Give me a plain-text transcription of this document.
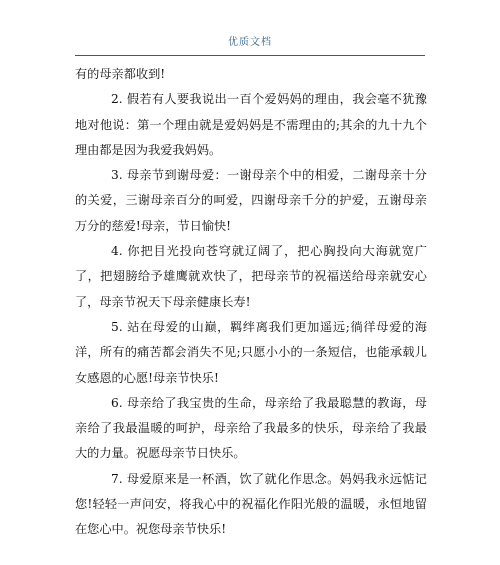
优质文档

有的母亲都收到!

2. 假若有人要我说出一百个爱妈妈的理由，我会毫不犹豫地对他说：第一个理由就是爱妈妈是不需理由的;其余的九十九个理由都是因为我爱我妈妈。

3. 母亲节到谢母爱：一谢母亲个中的相爱，二谢母亲十分的关爱，三谢母亲百分的呵爱，四谢母亲千分的护爱，五谢母亲万分的慈爱!母亲，节日愉快!

4. 你把目光投向苍穹就辽阔了，把心胸投向大海就宽广了，把翅膀给予雄鹰就欢快了，把母亲节的祝福送给母亲就安心了，母亲节祝天下母亲健康长寿!

5. 站在母爱的山巅，羁绊离我们更加遥远;徜徉母爱的海洋，所有的痛苦都会消失不见;只愿小小的一条短信，也能承载儿女感恩的心愿!母亲节快乐!

6. 母亲给了我宝贵的生命，母亲给了我最聪慧的教诲，母亲给了我最温暖的呵护，母亲给了我最多的快乐，母亲给了我最大的力量。祝愿母亲节日快乐。

7. 母爱原来是一杯酒，饮了就化作思念。妈妈我永远惦记您!轻轻一声问安，将我心中的祝福化作阳光般的温暖，永恒地留在您心中。祝您母亲节快乐!
